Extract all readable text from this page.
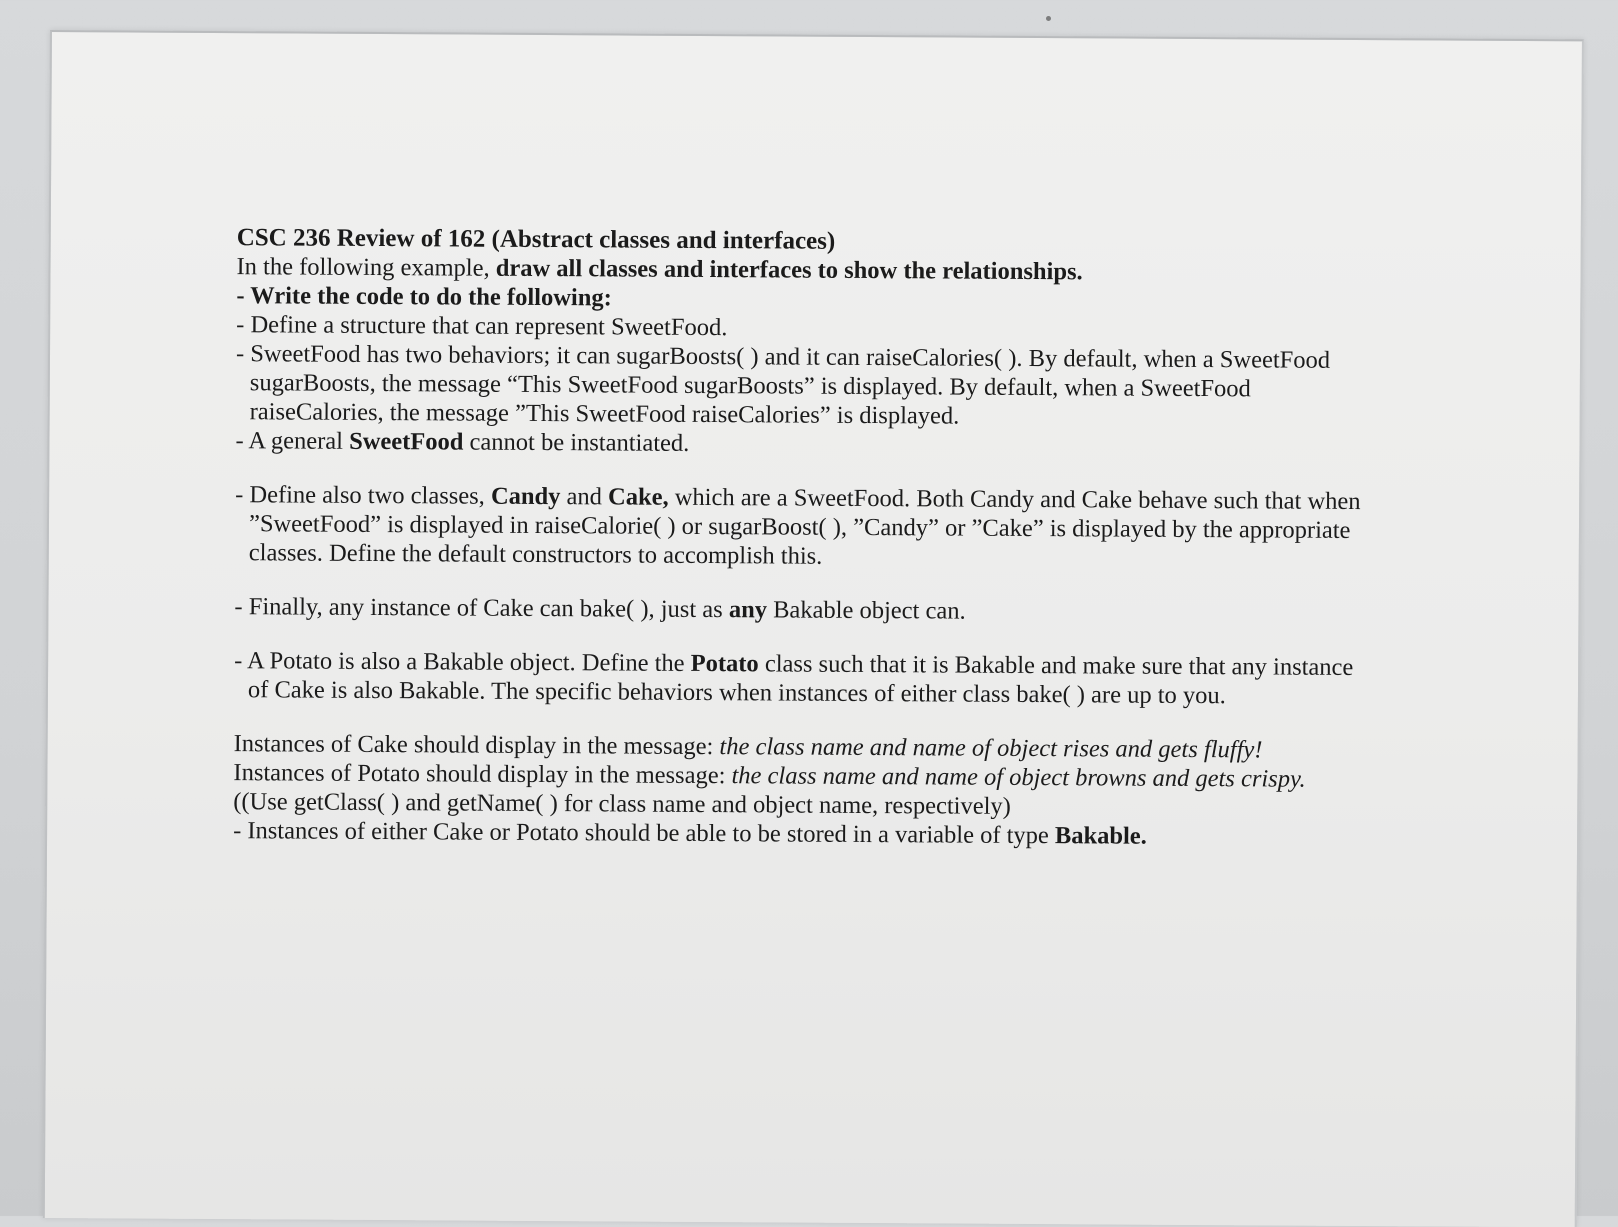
CSC 236 Review of 162 (Abstract classes and interfaces)

In the following example, draw all classes and interfaces to show the relationships.

- Write the code to do the following:

- Define a structure that can represent SweetFood.

- SweetFood has two behaviors; it can sugarBoosts( ) and it can raiseCalories( ). By default, when a SweetFood sugarBoosts, the message “This SweetFood sugarBoosts” is displayed. By default, when a SweetFood raiseCalories, the message ”This SweetFood raiseCalories” is displayed.

- A general SweetFood cannot be instantiated.

- Define also two classes, Candy and Cake, which are a SweetFood. Both Candy and Cake behave such that when ”SweetFood” is displayed in raiseCalorie( ) or sugarBoost( ), ”Candy” or ”Cake” is displayed by the appropriate classes. Define the default constructors to accomplish this.

- Finally, any instance of Cake can bake( ), just as any Bakable object can.

- A Potato is also a Bakable object. Define the Potato class such that it is Bakable and make sure that any instance of Cake is also Bakable. The specific behaviors when instances of either class bake( ) are up to you.

Instances of Cake should display in the message: the class name and name of object rises and gets fluffy!

Instances of Potato should display in the message: the class name and name of object browns and gets crispy. ((Use getClass( ) and getName( ) for class name and object name, respectively)

- Instances of either Cake or Potato should be able to be stored in a variable of type Bakable.
